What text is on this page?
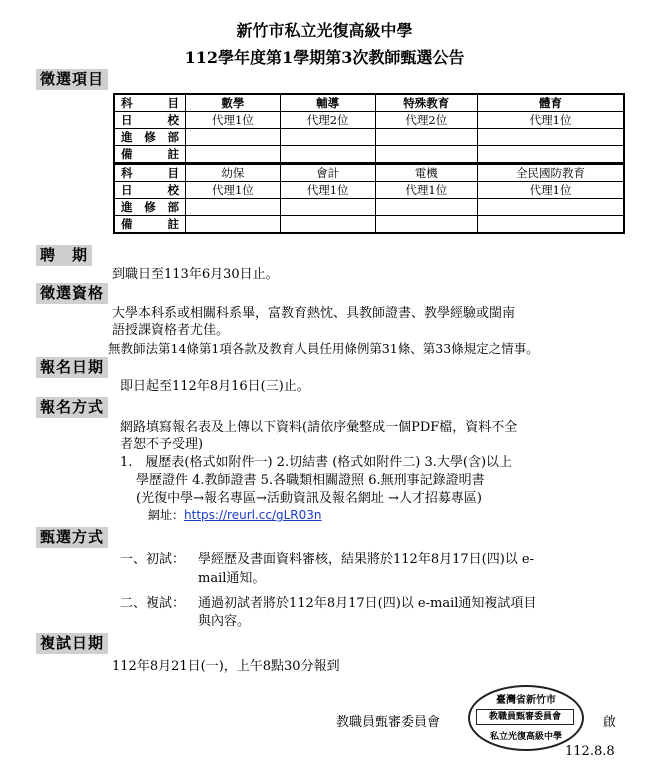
新竹市私立光復高級中學
112學年度第1學期第3次教師甄選公告
徵選項目
科目	數學	輔導	特殊教育	體育
日校	代理1位	代理2位	代理2位	代理1位
進修部				
備註				
科目	幼保	會計	電機	全民國防教育
日校	代理1位	代理1位	代理1位	代理1位
進修部				
備註				
聘　期
到職日至113年6月30日止。
徵選資格
大學本科系或相關科系畢，富教育熱忱、具教師證書、教學經驗或閩南
語授課資格者尤佳。
無教師法第14條第1項各款及教育人員任用條例第31條、第33條規定之情事。
報名日期
即日起至112年8月16日(三)止。
報名方式
網路填寫報名表及上傳以下資料(請依序彙整成一個PDF檔，資料不全
者恕不予受理)
1.　履歷表(格式如附件一) 2.切結書 (格式如附件二) 3.大學(含)以上
學歷證件 4.教師證書 5.各職類相關證照 6.無刑事記錄證明書
(光復中學→報名專區→活動資訊及報名網址 →人才招募專區)
網址：https://reurl.cc/gLR03n
甄選方式
一、初試： 學經歷及書面資料審核，結果將於112年8月17日(四)以 e-
mail通知。
二、複試： 通過初試者將於112年8月17日(四)以 e-mail通知複試項目
與內容。
複試日期
112年8月21日(一)，上午8點30分報到
教職員甄審委員會
臺灣省新竹市
教職員甄審委員會
私立光復高級中學
啟
112.8.8
